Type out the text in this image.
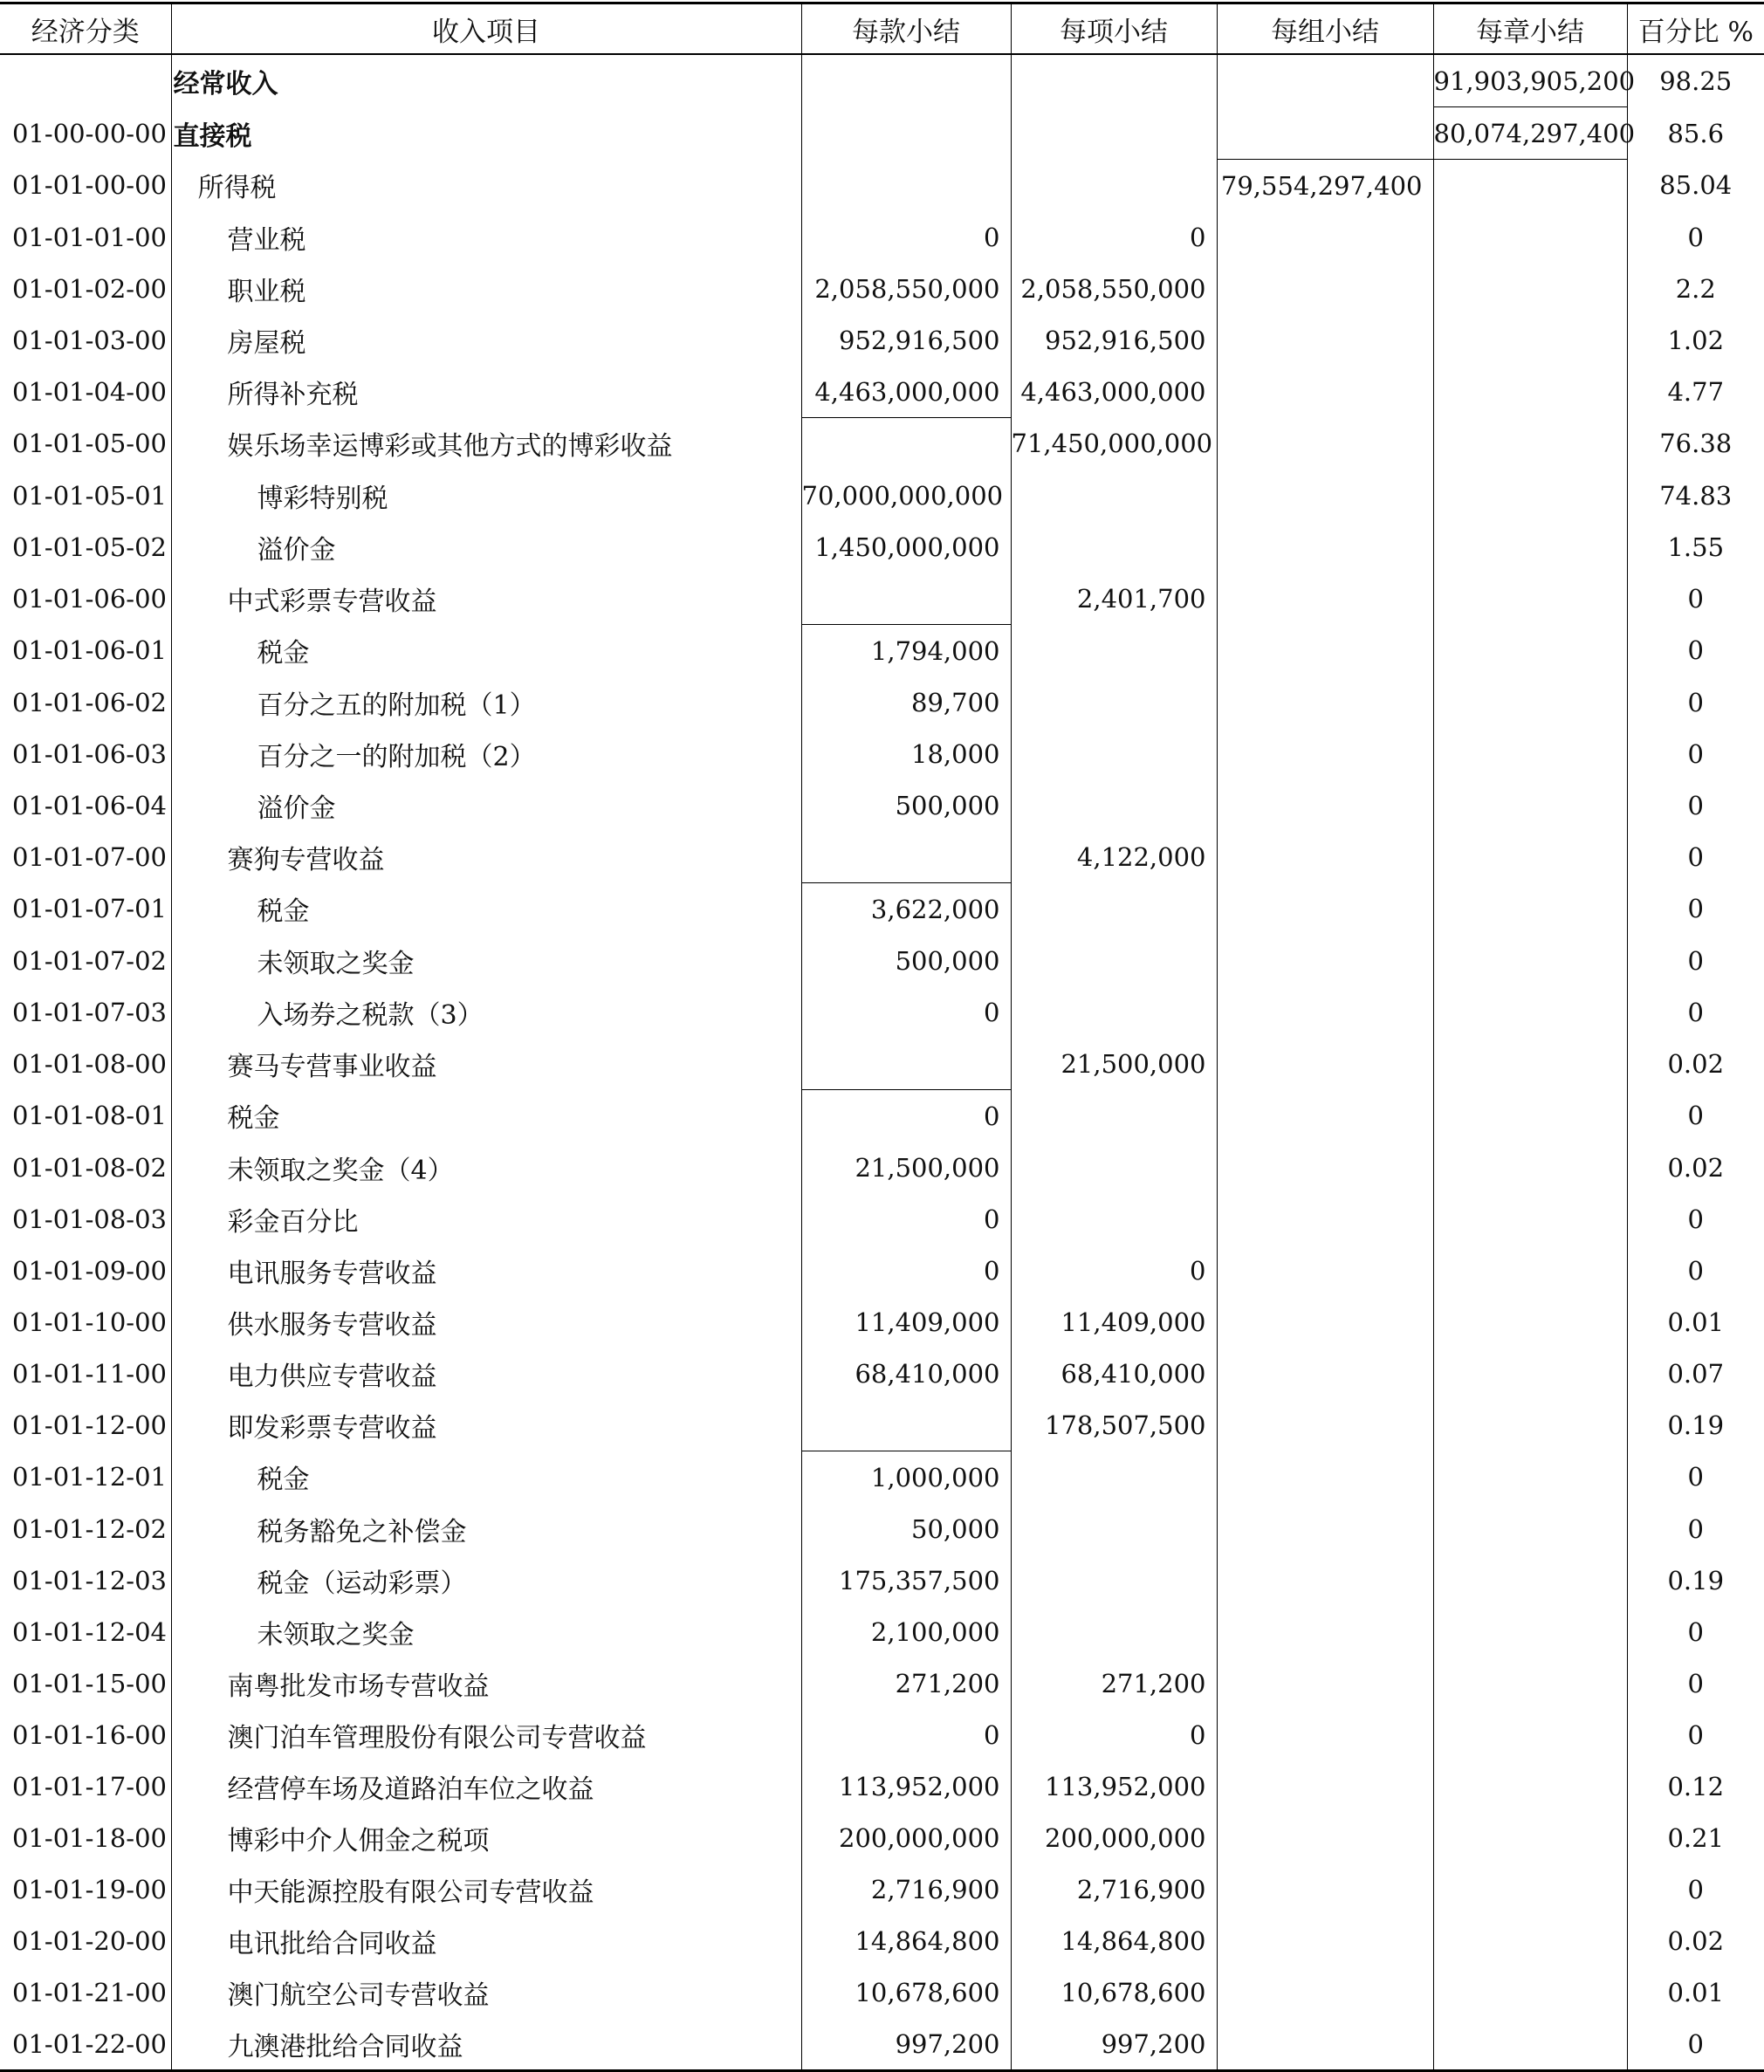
经济分类	收入项目	每款小结	每项小结	每组小结	每章小结	百分比 %
	经常收入				91,903,905,200	98.25
01-00-00-00	直接税				80,074,297,400	85.6
01-01-00-00	所得税			79,554,297,400		85.04
01-01-01-00	营业税	0	0			0
01-01-02-00	职业税	2,058,550,000	2,058,550,000			2.2
01-01-03-00	房屋税	952,916,500	952,916,500			1.02
01-01-04-00	所得补充税	4,463,000,000	4,463,000,000			4.77
01-01-05-00	娱乐场幸运博彩或其他方式的博彩收益		71,450,000,000			76.38
01-01-05-01	博彩特别税	70,000,000,000				74.83
01-01-05-02	溢价金	1,450,000,000				1.55
01-01-06-00	中式彩票专营收益		2,401,700			0
01-01-06-01	税金	1,794,000				0
01-01-06-02	百分之五的附加税（1）	89,700				0
01-01-06-03	百分之一的附加税（2）	18,000				0
01-01-06-04	溢价金	500,000				0
01-01-07-00	赛狗专营收益		4,122,000			0
01-01-07-01	税金	3,622,000				0
01-01-07-02	未领取之奖金	500,000				0
01-01-07-03	入场券之税款（3）	0				0
01-01-08-00	赛马专营事业收益		21,500,000			0.02
01-01-08-01	税金	0				0
01-01-08-02	未领取之奖金（4）	21,500,000				0.02
01-01-08-03	彩金百分比	0				0
01-01-09-00	电讯服务专营收益	0	0			0
01-01-10-00	供水服务专营收益	11,409,000	11,409,000			0.01
01-01-11-00	电力供应专营收益	68,410,000	68,410,000			0.07
01-01-12-00	即发彩票专营收益		178,507,500			0.19
01-01-12-01	税金	1,000,000				0
01-01-12-02	税务豁免之补偿金	50,000				0
01-01-12-03	税金（运动彩票）	175,357,500				0.19
01-01-12-04	未领取之奖金	2,100,000				0
01-01-15-00	南粤批发市场专营收益	271,200	271,200			0
01-01-16-00	澳门泊车管理股份有限公司专营收益	0	0			0
01-01-17-00	经营停车场及道路泊车位之收益	113,952,000	113,952,000			0.12
01-01-18-00	博彩中介人佣金之税项	200,000,000	200,000,000			0.21
01-01-19-00	中天能源控股有限公司专营收益	2,716,900	2,716,900			0
01-01-20-00	电讯批给合同收益	14,864,800	14,864,800			0.02
01-01-21-00	澳门航空公司专营收益	10,678,600	10,678,600			0.01
01-01-22-00	九澳港批给合同收益	997,200	997,200			0
